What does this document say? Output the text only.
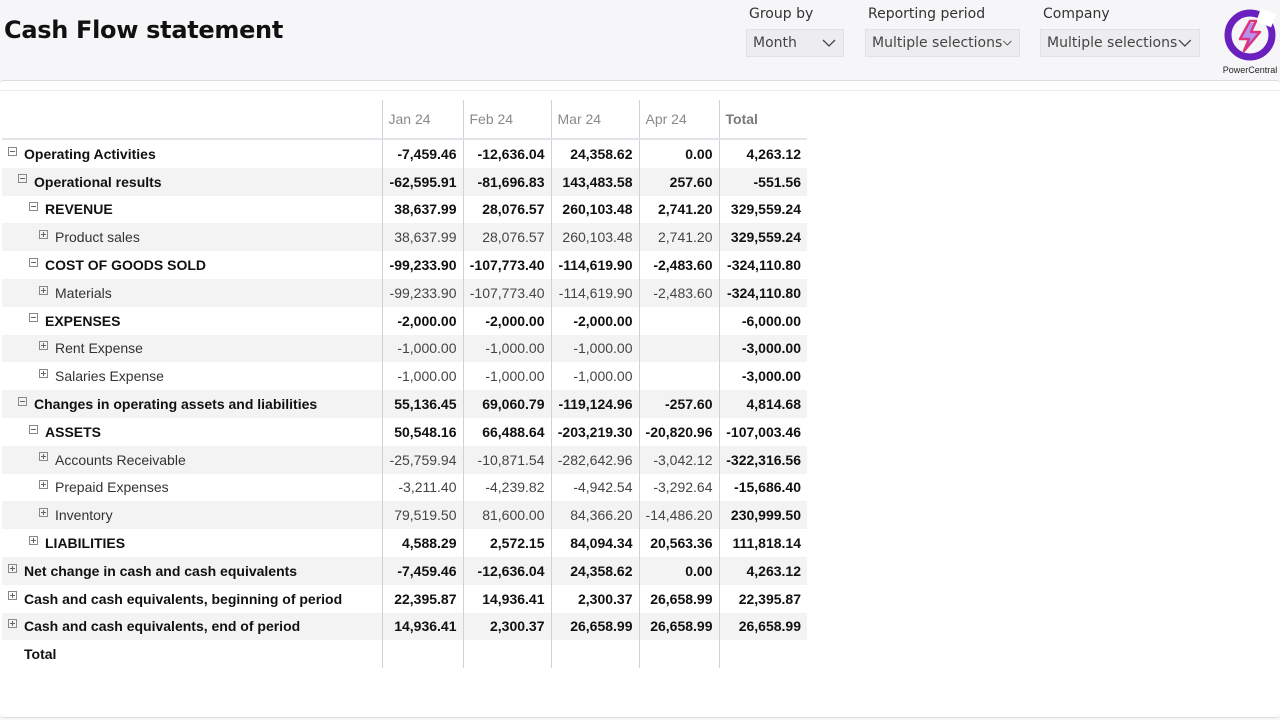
Cash Flow statement
Group by
Month
Reporting period
Multiple selections
Company
Multiple selections
PowerCentral
	Jan 24	Feb 24	Mar 24	Apr 24	Total
Operating Activities	-7,459.46	-12,636.04	24,358.62	0.00	4,263.12
Operational results	-62,595.91	-81,696.83	143,483.58	257.60	-551.56
REVENUE	38,637.99	28,076.57	260,103.48	2,741.20	329,559.24
Product sales	38,637.99	28,076.57	260,103.48	2,741.20	329,559.24
COST OF GOODS SOLD	-99,233.90	-107,773.40	-114,619.90	-2,483.60	-324,110.80
Materials	-99,233.90	-107,773.40	-114,619.90	-2,483.60	-324,110.80
EXPENSES	-2,000.00	-2,000.00	-2,000.00		-6,000.00
Rent Expense	-1,000.00	-1,000.00	-1,000.00		-3,000.00
Salaries Expense	-1,000.00	-1,000.00	-1,000.00		-3,000.00
Changes in operating assets and liabilities	55,136.45	69,060.79	-119,124.96	-257.60	4,814.68
ASSETS	50,548.16	66,488.64	-203,219.30	-20,820.96	-107,003.46
Accounts Receivable	-25,759.94	-10,871.54	-282,642.96	-3,042.12	-322,316.56
Prepaid Expenses	-3,211.40	-4,239.82	-4,942.54	-3,292.64	-15,686.40
Inventory	79,519.50	81,600.00	84,366.20	-14,486.20	230,999.50
LIABILITIES	4,588.29	2,572.15	84,094.34	20,563.36	111,818.14
Net change in cash and cash equivalents	-7,459.46	-12,636.04	24,358.62	0.00	4,263.12
Cash and cash equivalents, beginning of period	22,395.87	14,936.41	2,300.37	26,658.99	22,395.87
Cash and cash equivalents, end of period	14,936.41	2,300.37	26,658.99	26,658.99	26,658.99
Total					
